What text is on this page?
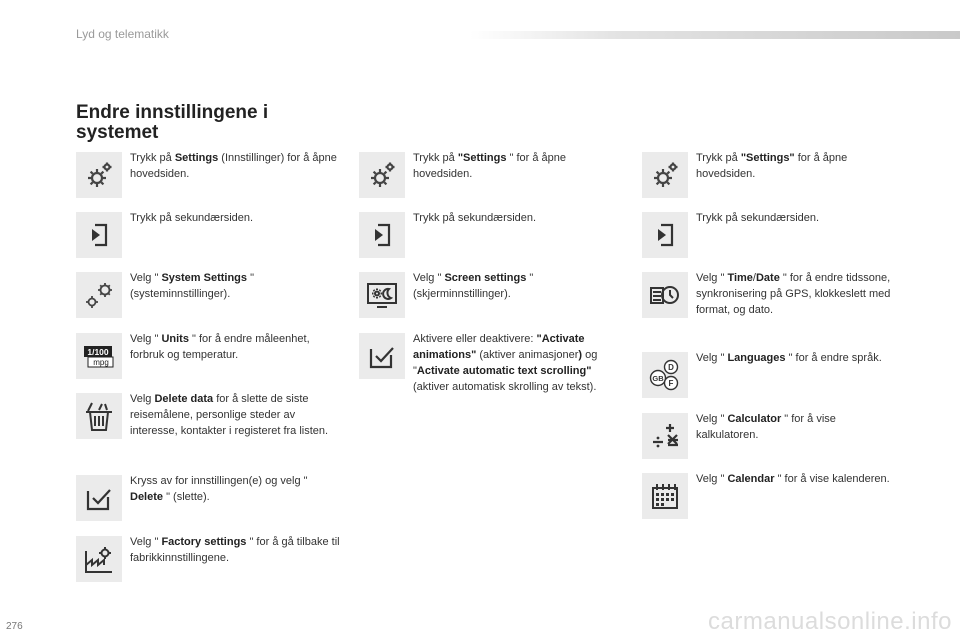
Lyd og telematikk
Endre innstillingene i
systemet
Trykk på Settings (Innstillinger) for å åpne hovedsiden.
Trykk på sekundærsiden.
Velg " System Settings " (systeminnstillinger).
1/100
mpg
Velg " Units " for å endre måleenhet, forbruk og temperatur.
Velg Delete data for å slette de siste reisemålene, personlige steder av interesse, kontakter i registeret fra listen.
Kryss av for innstillingen(e) og velg " Delete " (slette).
Velg " Factory settings " for å gå tilbake til fabrikkinnstillingene.
Trykk på "Settings " for å åpne hovedsiden.
Trykk på sekundærsiden.
Velg " Screen settings " (skjerminnstillinger).
Aktivere eller deaktivere: "Activate animations" (aktiver animasjoner) og "Activate automatic text scrolling" (aktiver automatisk skrolling av tekst).
Trykk på "Settings" for å åpne hovedsiden.
Trykk på sekundærsiden.
Velg " Time/Date " for å endre tidssone, synkronisering på GPS, klokkeslett med format, og dato.
D
GB
F
Velg " Languages " for å endre språk.
Velg " Calculator " for å vise kalkulatoren.
Velg " Calendar " for å vise kalenderen.
276	carmanualsonline.info
